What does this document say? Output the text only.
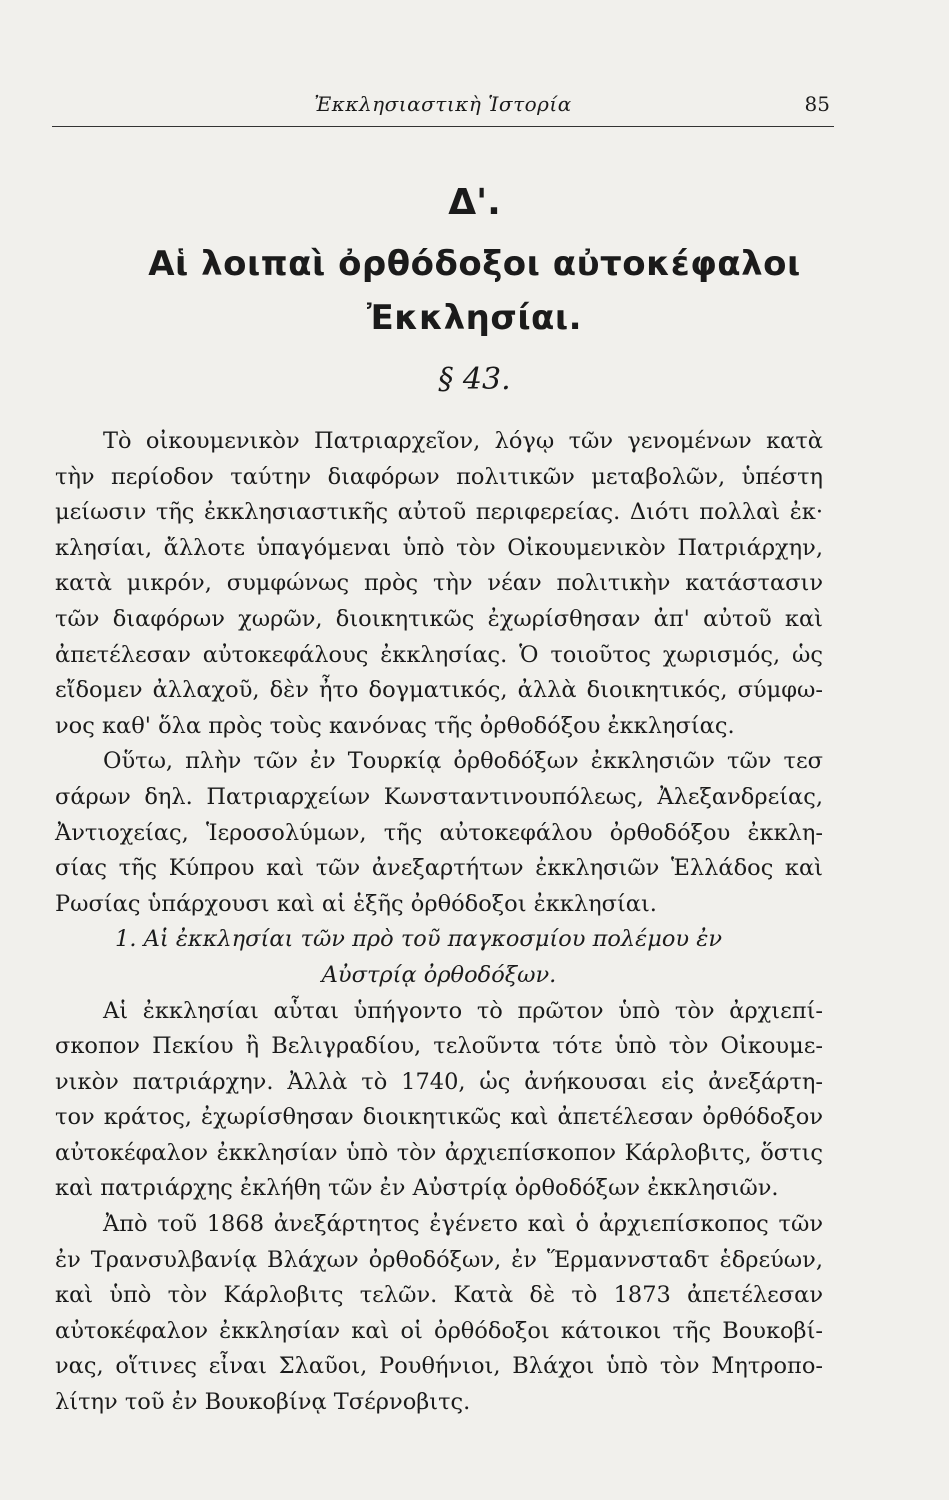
Ἐκκλησιαστικὴ Ἱστορία	85
Δ'.
Αἱ λοιπαὶ ὀρθόδοξοι αὐτοκέφαλοι
Ἐκκλησίαι.
§ 43.
Τὸ οἰκουμενικὸν Πατριαρχεῖον, λόγῳ τῶν γενομένων κατὰ
τὴν περίοδον ταύτην διαφόρων πολιτικῶν μεταβολῶν, ὑπέστη
μείωσιν τῆς ἐκκλησιαστικῆς αὐτοῦ περιφερείας. Διότι πολλαὶ ἐκ·
κλησίαι, ἄλλοτε ὑπαγόμεναι ὑπὸ τὸν Οἰκουμενικὸν Πατριάρχην,
κατὰ μικρόν, συμφώνως πρὸς τὴν νέαν πολιτικὴν κατάστασιν
τῶν διαφόρων χωρῶν, διοικητικῶς ἐχωρίσθησαν ἀπ' αὐτοῦ καὶ
ἀπετέλεσαν αὐτοκεφάλους ἐκκλησίας. Ὁ τοιοῦτος χωρισμός, ὡς
εἴδομεν ἀλλαχοῦ, δὲν ἦτο δογματικός, ἀλλὰ διοικητικός, σύμφω-
νος καθ' ὅλα πρὸς τοὺς κανόνας τῆς ὀρθοδόξου ἐκκλησίας.
Οὕτω, πλὴν τῶν ἐν Τουρκίᾳ ὀρθοδόξων ἐκκλησιῶν τῶν τεσ
σάρων δηλ. Πατριαρχείων Κωνσταντινουπόλεως, Ἀλεξανδρείας,
Ἀντιοχείας, Ἱεροσολύμων, τῆς αὐτοκεφάλου ὀρθοδόξου ἐκκλη-
σίας τῆς Κύπρου καὶ τῶν ἀνεξαρτήτων ἐκκλησιῶν Ἑλλάδος καὶ
Ρωσίας ὑπάρχουσι καὶ αἱ ἑξῆς ὀρθόδοξοι ἐκκλησίαι.
1. Αἱ ἐκκλησίαι τῶν πρὸ τοῦ παγκοσμίου πολέμου ἐν
Αὐστρίᾳ ὀρθοδόξων.
Αἱ ἐκκλησίαι αὗται ὑπήγοντο τὸ πρῶτον ὑπὸ τὸν ἀρχιεπί-
σκοπον Πεκίου ἢ Βελιγραδίου, τελοῦντα τότε ὑπὸ τὸν Οἰκουμε-
νικὸν πατριάρχην. Ἀλλὰ τὸ 1740, ὡς ἀνήκουσαι εἰς ἀνεξάρτη-
τον κράτος, ἐχωρίσθησαν διοικητικῶς καὶ ἀπετέλεσαν ὀρθόδοξον
αὐτοκέφαλον ἐκκλησίαν ὑπὸ τὸν ἀρχιεπίσκοπον Κάρλοβιτς, ὅστις
καὶ πατριάρχης ἐκλήθη τῶν ἐν Αὐστρίᾳ ὀρθοδόξων ἐκκλησιῶν.
Ἀπὸ τοῦ 1868 ἀνεξάρτητος ἐγένετο καὶ ὁ ἀρχιεπίσκοπος τῶν
ἐν Τρανσυλβανίᾳ Βλάχων ὀρθοδόξων, ἐν Ἕρμαννσταδτ ἑδρεύων,
καὶ ὑπὸ τὸν Κάρλοβιτς τελῶν. Κατὰ δὲ τὸ 1873 ἀπετέλεσαν
αὐτοκέφαλον ἐκκλησίαν καὶ οἱ ὀρθόδοξοι κάτοικοι τῆς Βουκοβί-
νας, οἵτινες εἶναι Σλαῦοι, Ρουθήνιοι, Βλάχοι ὑπὸ τὸν Μητροπο-
λίτην τοῦ ἐν Βουκοβίνᾳ Τσέρνοβιτς.
